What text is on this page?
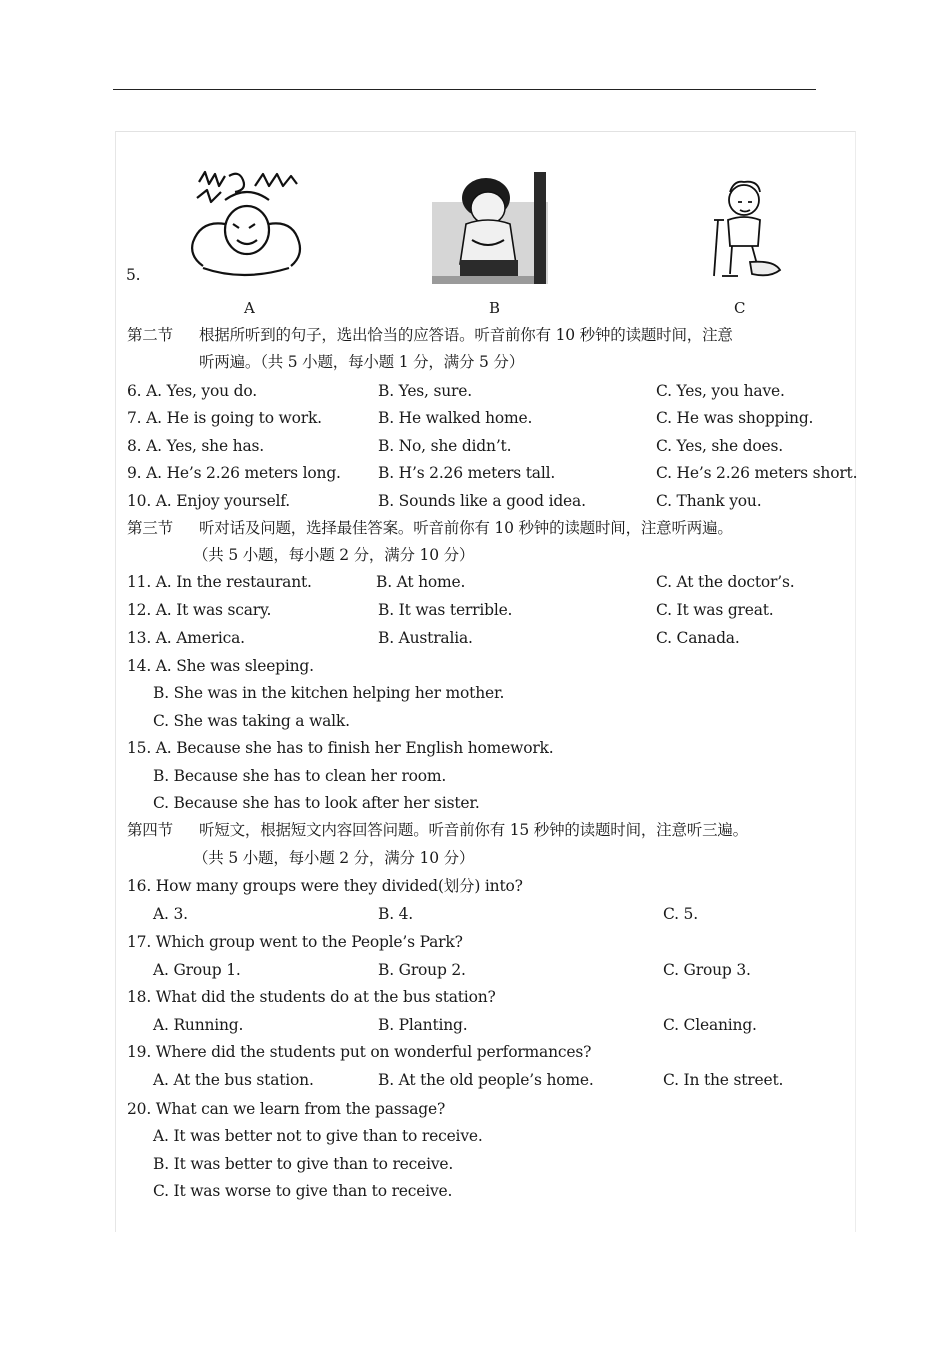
5.
A	B	C
第二节 根据所听到的句子，选出恰当的应答语。听音前你有 10 秒钟的读题时间，注意
听两遍。（共 5 小题，每小题 1 分，满分 5 分）
6. A. Yes, you do.	B. Yes, sure.	C. Yes, you have.
7. A. He is going to work.	B. He walked home.	C. He was shopping.
8. A. Yes, she has.	B. No, she didn’t.	C. Yes, she does.
9. A. He’s 2.26 meters long. B. H’s 2.26 meters tall.	C. He’s 2.26 meters short.
10. A. Enjoy yourself.	B. Sounds like a good idea.	C. Thank you.
第三节 听对话及问题，选择最佳答案。听音前你有 10 秒钟的读题时间，注意听两遍。
（共 5 小题，每小题 2 分，满分 10 分）
11. A. In the restaurant.	B. At home.	C. At the doctor’s.
12. A. It was scary.	B. It was terrible.	C. It was great.
13. A. America.	B. Australia.	C. Canada.
14. A. She was sleeping.
B. She was in the kitchen helping her mother.
C. She was taking a walk.
15. A. Because she has to finish her English homework.
B. Because she has to clean her room.
C. Because she has to look after her sister.
第四节 听短文，根据短文内容回答问题。听音前你有 15 秒钟的读题时间，注意听三遍。
（共 5 小题，每小题 2 分，满分 10 分）
16. How many groups were they divided(划分) into?
A. 3.	B. 4.	C. 5.
17. Which group went to the People’s Park?
A. Group 1.	B. Group 2.	C. Group 3.
18. What did the students do at the bus station?
A. Running.	B. Planting.	C. Cleaning.
19. Where did the students put on wonderful performances?
A. At the bus station.	B. At the old people’s home.	C. In the street.
20. What can we learn from the passage?
A. It was better not to give than to receive.
B. It was better to give than to receive.
C. It was worse to give than to receive.
